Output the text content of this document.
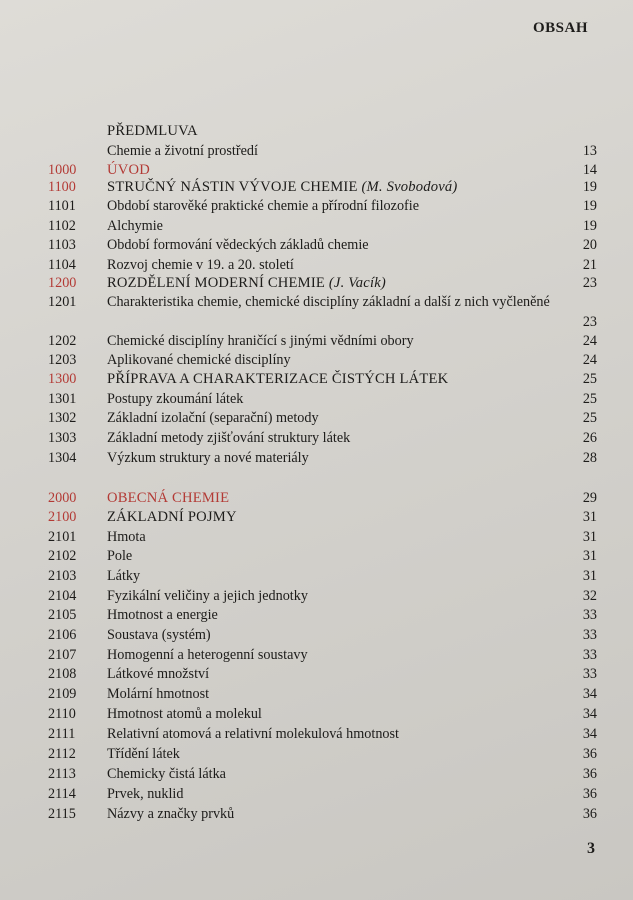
OBSAH
PŘEDMLUVA
Chemie a životní prostředí	13
1000	ÚVOD	14
1100	STRUČNÝ NÁSTIN VÝVOJE CHEMIE (M. Svobodová)	19
1101	Období starověké praktické chemie a přírodní filozofie	19
1102	Alchymie	19
1103	Období formování vědeckých základů chemie	20
1104	Rozvoj chemie v 19. a 20. století	21
1200	ROZDĚLENÍ MODERNÍ CHEMIE (J. Vacík)	23
1201	Charakteristika chemie, chemické disciplíny základní a další z nich vyčleněné
23
1202	Chemické disciplíny hraničící s jinými vědními obory	24
1203	Aplikované chemické disciplíny	24
1300	PŘÍPRAVA A CHARAKTERIZACE ČISTÝCH LÁTEK	25
1301	Postupy zkoumání látek	25
1302	Základní izolační (separační) metody	25
1303	Základní metody zjišťování struktury látek	26
1304	Výzkum struktury a nové materiály	28
2000	OBECNÁ CHEMIE	29
2100	ZÁKLADNÍ POJMY	31
2101	Hmota	31
2102	Pole	31
2103	Látky	31
2104	Fyzikální veličiny a jejich jednotky	32
2105	Hmotnost a energie	33
2106	Soustava (systém)	33
2107	Homogenní a heterogenní soustavy	33
2108	Látkové množství	33
2109	Molární hmotnost	34
2110	Hmotnost atomů a molekul	34
2111	Relativní atomová a relativní molekulová hmotnost	34
2112	Třídění látek	36
2113	Chemicky čistá látka	36
2114	Prvek, nuklid	36
2115	Názvy a značky prvků	36
3
